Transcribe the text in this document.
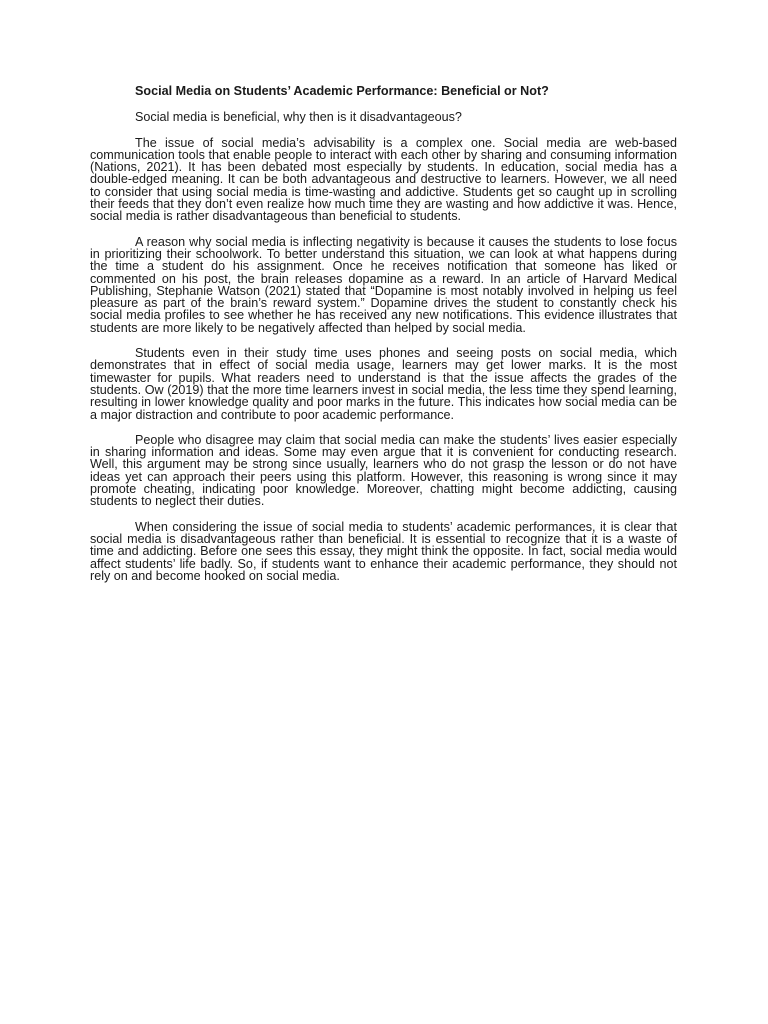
Social Media on Students’ Academic Performance: Beneficial or Not?

Social media is beneficial, why then is it disadvantageous?

The issue of social media’s advisability is a complex one. Social media are web-based communication tools that enable people to interact with each other by sharing and consuming information (Nations, 2021). It has been debated most especially by students. In education, social media has a double-edged meaning. It can be both advantageous and destructive to learners. However, we all need to consider that using social media is time-wasting and addictive. Students get so caught up in scrolling their feeds that they don’t even realize how much time they are wasting and how addictive it was. Hence, social media is rather disadvantageous than beneficial to students.

A reason why social media is inflecting negativity is because it causes the students to lose focus in prioritizing their schoolwork. To better understand this situation, we can look at what happens during the time a student do his assignment. Once he receives notification that someone has liked or commented on his post, the brain releases dopamine as a reward. In an article of Harvard Medical Publishing, Stephanie Watson (2021) stated that “Dopamine is most notably involved in helping us feel pleasure as part of the brain’s reward system.” Dopamine drives the student to constantly check his social media profiles to see whether he has received any new notifications. This evidence illustrates that students are more likely to be negatively affected than helped by social media.

Students even in their study time uses phones and seeing posts on social media, which demonstrates that in effect of social media usage, learners may get lower marks. It is the most timewaster for pupils. What readers need to understand is that the issue affects the grades of the students. Ow (2019) that the more time learners invest in social media, the less time they spend learning, resulting in lower knowledge quality and poor marks in the future. This indicates how social media can be a major distraction and contribute to poor academic performance.

People who disagree may claim that social media can make the students’ lives easier especially in sharing information and ideas. Some may even argue that it is convenient for conducting research. Well, this argument may be strong since usually, learners who do not grasp the lesson or do not have ideas yet can approach their peers using this platform. However, this reasoning is wrong since it may promote cheating, indicating poor knowledge. Moreover, chatting might become addicting, causing students to neglect their duties.

When considering the issue of social media to students’ academic performances, it is clear that social media is disadvantageous rather than beneficial. It is essential to recognize that it is a waste of time and addicting. Before one sees this essay, they might think the opposite. In fact, social media would affect students’ life badly. So, if students want to enhance their academic performance, they should not rely on and become hooked on social media.
